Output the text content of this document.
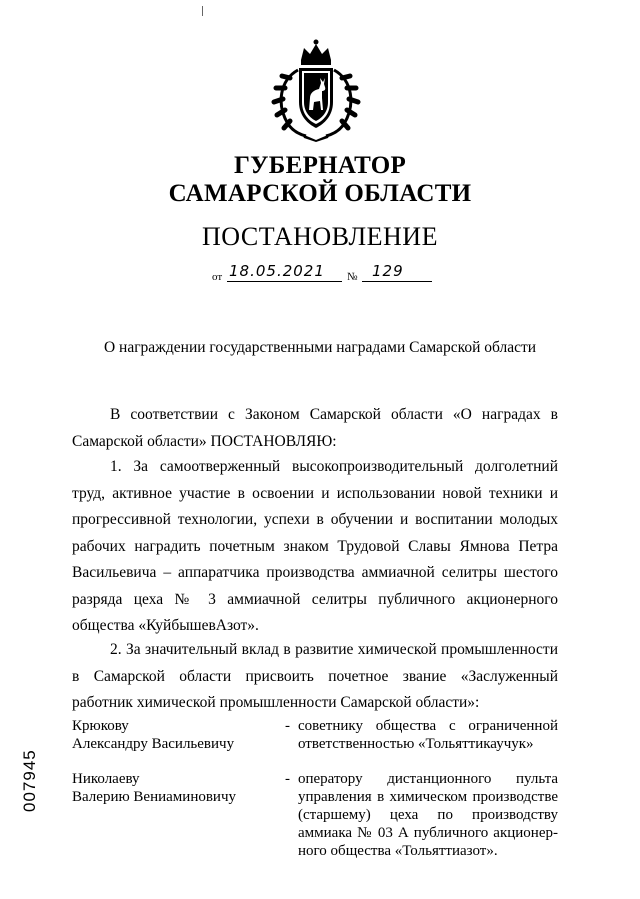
ГУБЕРНАТОР
САМАРСКОЙ ОБЛАСТИ
ПОСТАНОВЛЕНИЕ
от 18.05.2021 № 129
О награждении государственными наградами Самарской области
В соответствии с Законом Самарской области «О наградах в Самарской области» ПОСТАНОВЛЯЮ:
1. За самоотверженный высокопроизводительный долголетний труд, активное участие в освоении и использовании новой техники и прогрессивной технологии, успехи в обучении и воспитании молодых рабочих наградить почетным знаком Трудовой Славы Ямнова Петра Васильевича – аппаратчика производства аммиачной селитры шестого разряда цеха № 3 аммиачной селитры публичного акционерного общества «КуйбышевАзот».
2. За значительный вклад в развитие химической промышленности в Самарской области присвоить почетное звание «Заслуженный работник химической промышленности Самарской области»:
Крюкову
Александру Васильевичу
- советнику общества с ограниченной ответственностью «Тольяттикаучук»
Николаеву
Валерию Вениаминовичу
- оператору дистанционного пульта управления в химическом производстве (старшему) цеха по производству аммиака № 03 А публичного акционер-ного общества «Тольяттиазот».
007945
